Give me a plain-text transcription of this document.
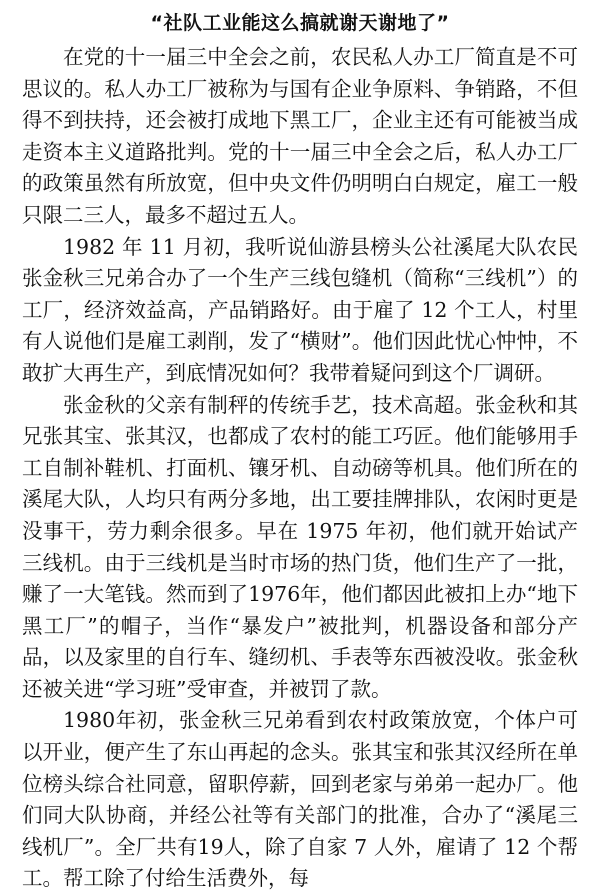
“社队工业能这么搞就谢天谢地了”

在党的十一届三中全会之前，农民私人办工厂简直是不可思议的。私人办工厂被称为与国有企业争原料、争销路，不但得不到扶持，还会被打成地下黑工厂，企业主还有可能被当成走资本主义道路批判。党的十一届三中全会之后，私人办工厂的政策虽然有所放宽，但中央文件仍明明白白规定，雇工一般只限二三人，最多不超过五人。

1982 年 11 月初，我听说仙游县榜头公社溪尾大队农民张金秋三兄弟合办了一个生产三线包缝机（简称“三线机”）的工厂，经济效益高，产品销路好。由于雇了 12 个工人，村里有人说他们是雇工剥削，发了“横财”。他们因此忧心忡忡，不敢扩大再生产，到底情况如何？我带着疑问到这个厂调研。

张金秋的父亲有制秤的传统手艺，技术高超。张金秋和其兄张其宝、张其汉，也都成了农村的能工巧匠。他们能够用手工自制补鞋机、打面机、镶牙机、自动磅等机具。他们所在的溪尾大队，人均只有两分多地，出工要挂牌排队，农闲时更是没事干，劳力剩余很多。早在 1975 年初，他们就开始试产三线机。由于三线机是当时市场的热门货，他们生产了一批，赚了一大笔钱。然而到了1976年，他们都因此被扣上办“地下黑工厂”的帽子，当作“暴发户”被批判，机器设备和部分产品，以及家里的自行车、缝纫机、手表等东西被没收。张金秋还被关进“学习班”受审查，并被罚了款。

1980年初，张金秋三兄弟看到农村政策放宽，个体户可以开业，便产生了东山再起的念头。张其宝和张其汉经所在单位榜头综合社同意，留职停薪，回到老家与弟弟一起办厂。他们同大队协商，并经公社等有关部门的批准，合办了“溪尾三线机厂”。全厂共有19人，除了自家 7 人外，雇请了 12 个帮工。帮工除了付给生活费外，每
